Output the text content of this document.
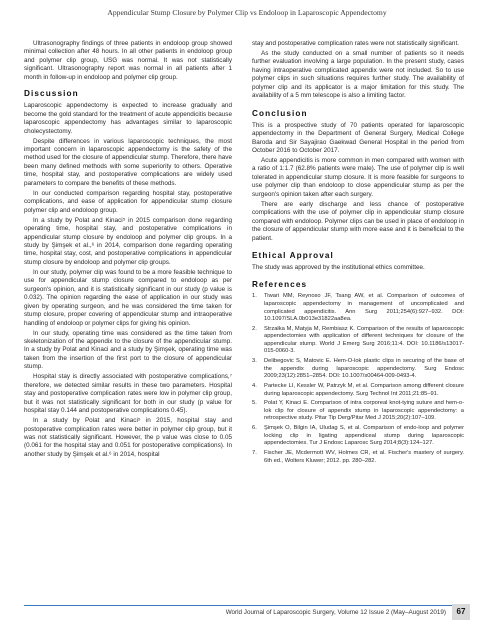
Appendicular Stump Closure by Polymer Clip vs Endoloop in Laparoscopic Appendectomy

Ultrasonography findings of three patients in endoloop group showed minimal collection after 48 hours. In all other patients in endoloop group and polymer clip group, USG was normal. It was not statistically significant. Ultrasonography report was normal in all patients after 1 month in follow-up in endoloop and polymer clip group.

Discussion

Laparoscopic appendectomy is expected to increase gradually and become the gold standard for the treatment of acute appendicitis because laparoscopic appendectomy has advantages similar to laparoscopic cholecystectomy.

Despite differences in various laparoscopic techniques, the most important concern in laparoscopic appendectomy is the safety of the method used for the closure of appendicular stump. Therefore, there have been many defined methods with some superiority to others. Operative time, hospital stay, and postoperative complications are widely used parameters to compare the benefits of these methods.

In our conducted comparison regarding hospital stay, postoperative complications, and ease of application for appendicular stump closure polymer clip and endoloop group.

In a study by Polat and Kinaci⁵ in 2015 comparison done regarding operating time, hospital stay, and postoperative complications in appendicular stump closure by endoloop and polymer clip groups. In a study by Şimşek et al.,⁶ in 2014, comparison done regarding operating time, hospital stay, cost, and postoperative complications in appendicular stump closure by endoloop and polymer clip groups.

In our study, polymer clip was found to be a more feasible technique to use for appendicular stump closure compared to endoloop as per surgeon's opinion, and it is statistically significant in our study (p value is 0.032). The opinion regarding the ease of application in our study was given by operating surgeon, and he was considered the time taken for stump closure, proper covering of appendicular stump and intraoperative handling of endoloop or polymer clips for giving his opinion.

In our study, operating time was considered as the time taken from skeletonization of the appendix to the closure of the appendicular stump. In a study by Polat and Kinaci and a study by Şimşek, operating time was taken from the insertion of the first port to the closure of appendicular stump.

Hospital stay is directly associated with postoperative complications,⁷ therefore, we detected similar results in these two parameters. Hospital stay and postoperative complication rates were low in polymer clip group, but it was not statistically significant for both in our study (p value for hospital stay 0.144 and postoperative complications 0.45).

In a study by Polat and Kinaci⁵ in 2015, hospital stay and postoperative complication rates were better in polymer clip group, but it was not statistically significant. However, the p value was close to 0.05 (0.061 for the hospital stay and 0.051 for postoperative complications). In another study by Şimşek et al.⁶ in 2014, hospital

stay and postoperative complication rates were not statistically significant.

As the study conducted on a small number of patients so it needs further evaluation involving a large population. In the present study, cases having intraoperative complicated appendix were not included. So to use polymer clips in such situations requires further study. The availability of polymer clip and its applicator is a major limitation for this study. The availability of a 5 mm telescope is also a limiting factor.

Conclusion

This is a prospective study of 70 patients operated for laparoscopic appendectomy in the Department of General Surgery, Medical College Baroda and Sir Sayajirao Gaekwad General Hospital in the period from October 2016 to October 2017.

Acute appendicitis is more common in men compared with women with a ratio of 1:1.7 (62.8% patients were male). The use of polymer clip is well tolerated in appendicular stump closure. It is more feasible for surgeons to use polymer clip than endoloop to close appendicular stump as per the surgeon's opinion taken after each surgery.

There are early discharge and less chance of postoperative complications with the use of polymer clip in appendicular stump closure compared with endoloop. Polymer clips can be used in place of endoloop in the closure of appendicular stump with more ease and it is beneficial to the patient.

Ethical Approval

The study was approved by the institutional ethics committee.

References
1. Tiwari MM, Reynoso JF, Tsang AW, et al. Comparison of outcomes of laparoscopic appendectomy in management of uncomplicated and complicated appendicitis. Ann Surg 2011;254(6):927–932. DOI: 10.1097/SLA.0b013e31822aa8ea.
2. Strzałka M, Matyja M, Rembiasz K. Comparison of the results of laparoscopic appendectomies with application of different techniques for closure of the appendicular stump. World J Emerg Surg 2016;11:4. DOI: 10.1186/s13017-015-0060-3.
3. Delibegovic S, Matovic E. Hem-O-lok plastic clips in securing of the base of the appendix during laparoscopic appendectomy. Surg Endosc 2009;23(12):2851–2854. DOI: 10.1007/s00464-009-0493-4.
4. Partecke LI, Kessler W, Patrzyk M, et al. Comparison among different closure during laparoscopic appendectomy. Surg Technol Int 2011;21:85–91.
5. Polat Y, Kinaci E. Comparison of intra corporeal knot-tying suture and hem-o-lok clip for closure of appendix stump in laparoscopic appendectomy: a retrospective study. Pitar Tip Derg/Pitar Med J 2015;20(2):107–109.
6. Şimşek O, Bilgin IA, Uludag S, et al. Comparison of endo-loop and polymer locking clip in ligating appendiceal stump during laparoscopic appendectomies. Tur J Endosc Laparosc Surg 2014;8(3):124–127.
7. Fischer JE, Mcdermott WV, Holmes CR, et al. Fischer's mastery of surgery. 6th ed., Wolters Kluwer; 2012. pp. 280–282.
World Journal of Laparoscopic Surgery, Volume 12 Issue 2 (May–August 2019)	67
